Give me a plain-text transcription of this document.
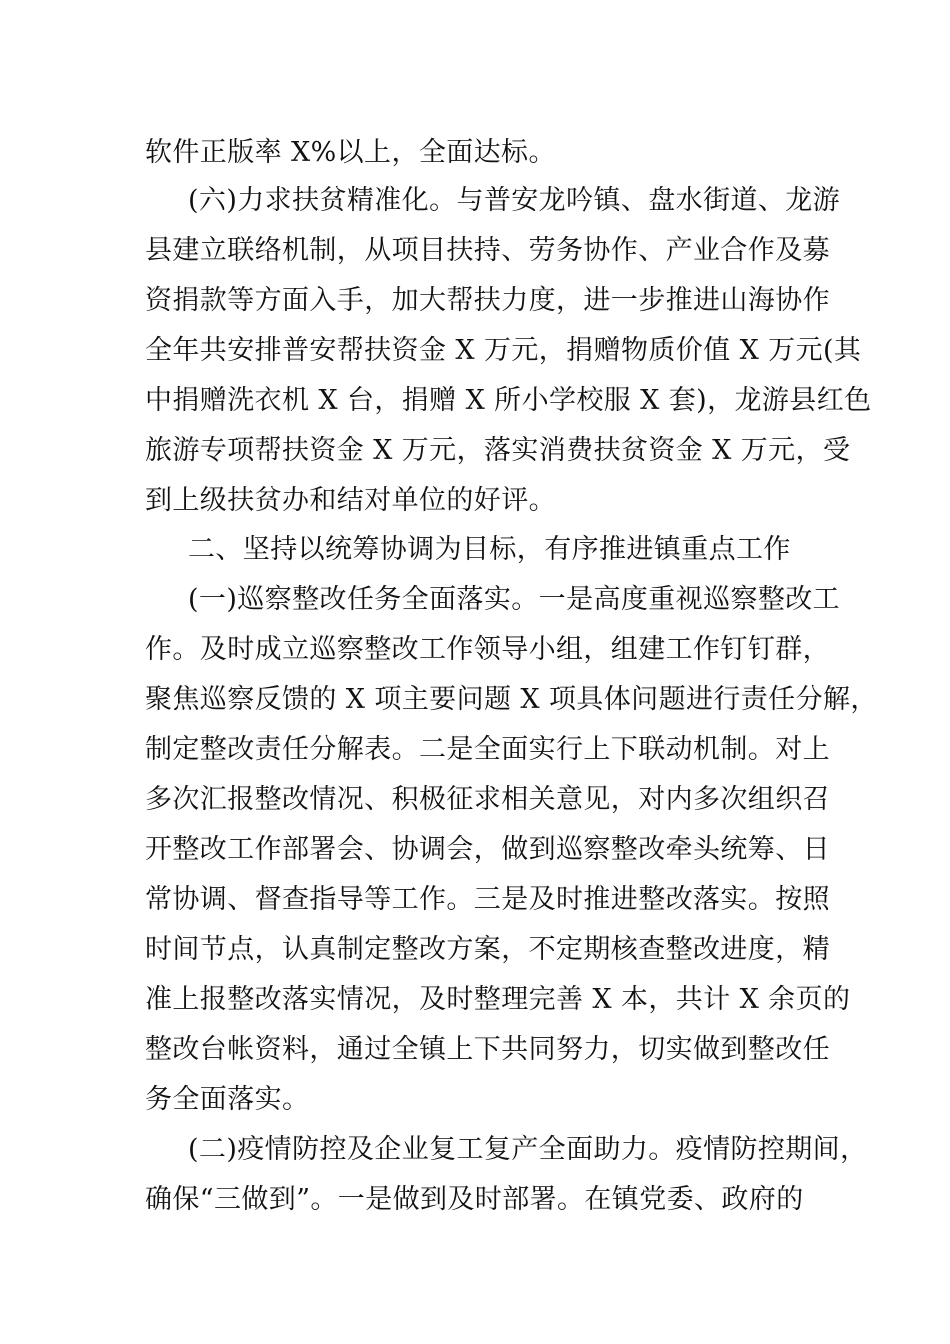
软件正版率 X%以上，全面达标。
(六)力求扶贫精准化。与普安龙吟镇、盘水街道、龙游
县建立联络机制，从项目扶持、劳务协作、产业合作及募
资捐款等方面入手，加大帮扶力度，进一步推进山海协作
全年共安排普安帮扶资金 X 万元，捐赠物质价值 X 万元(其
中捐赠洗衣机 X 台，捐赠 X 所小学校服 X 套)，龙游县红色
旅游专项帮扶资金 X 万元，落实消费扶贫资金 X 万元，受
到上级扶贫办和结对单位的好评。
二、坚持以统筹协调为目标，有序推进镇重点工作
(一)巡察整改任务全面落实。一是高度重视巡察整改工
作。及时成立巡察整改工作领导小组，组建工作钉钉群，
聚焦巡察反馈的 X 项主要问题 X 项具体问题进行责任分解，
制定整改责任分解表。二是全面实行上下联动机制。对上
多次汇报整改情况、积极征求相关意见，对内多次组织召
开整改工作部署会、协调会，做到巡察整改牵头统筹、日
常协调、督查指导等工作。三是及时推进整改落实。按照
时间节点，认真制定整改方案，不定期核查整改进度，精
准上报整改落实情况，及时整理完善 X 本，共计 X 余页的
整改台帐资料，通过全镇上下共同努力，切实做到整改任
务全面落实。
(二)疫情防控及企业复工复产全面助力。疫情防控期间，
确保“三做到”。一是做到及时部署。在镇党委、政府的
